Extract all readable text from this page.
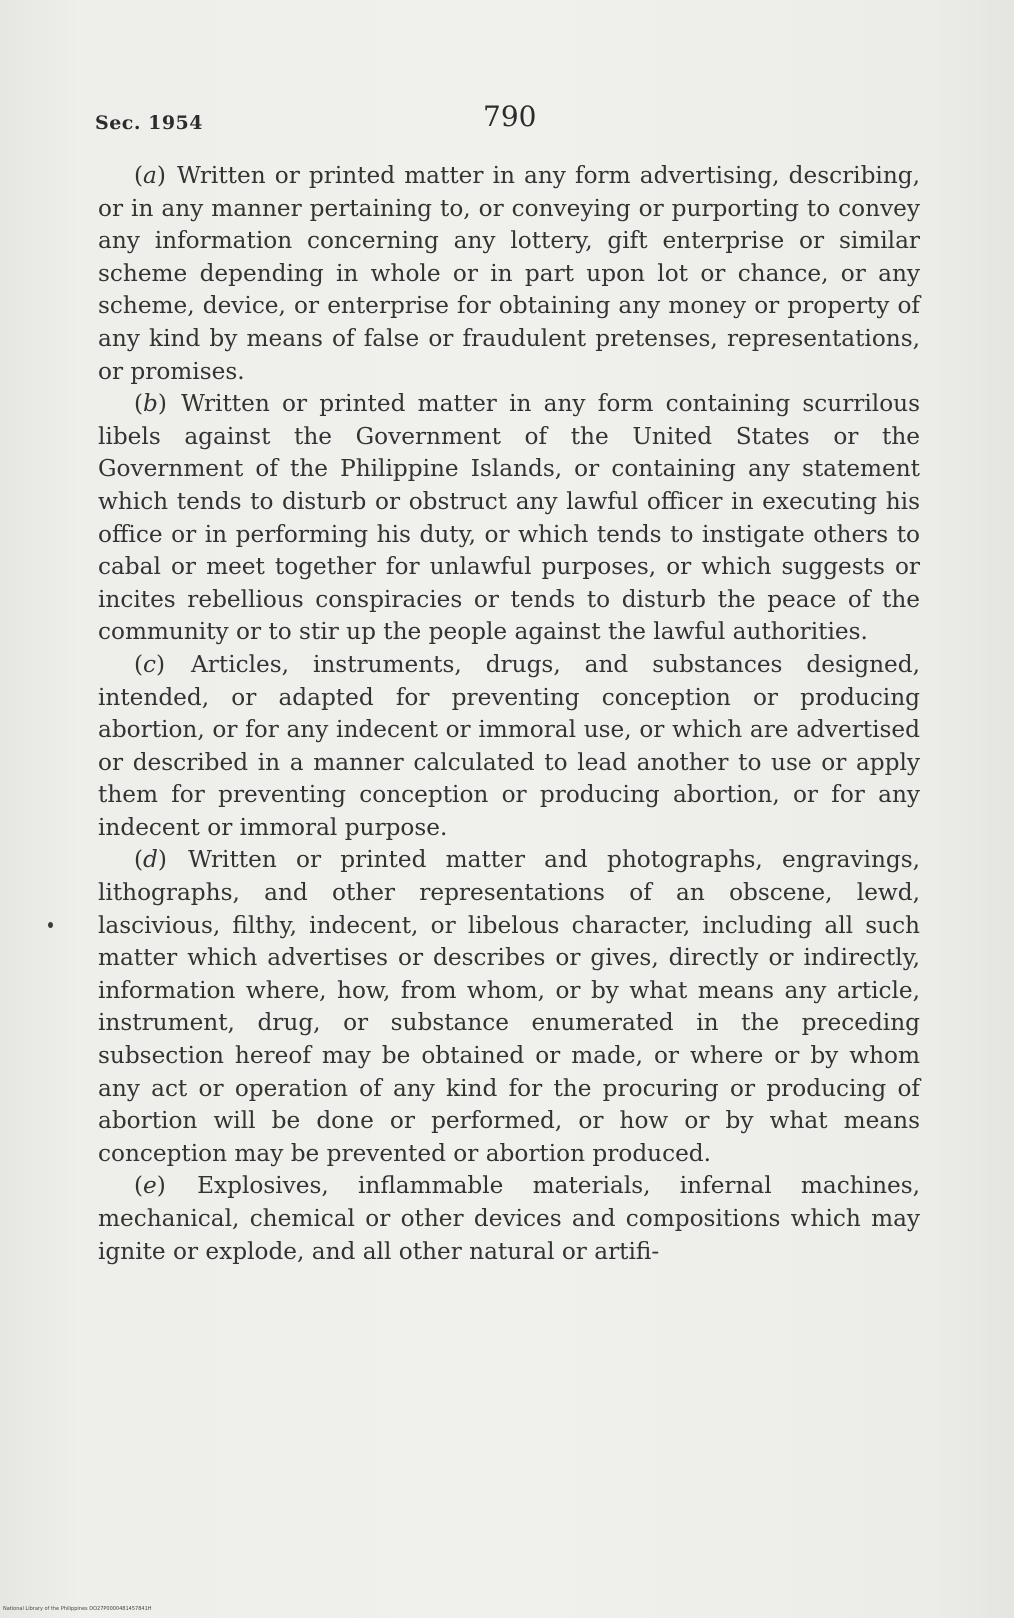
Sec. 1954	790

( a ) Written or printed matter in any form advertising, describing, or in any manner pertaining to, or conveying or purporting to convey any information concerning any lottery, gift enterprise or similar scheme depending in whole or in part upon lot or chance, or any scheme, device, or enterprise for obtaining any money or property of any kind by means of false or fraudulent pretenses, representations, or promises.

( b ) Written or printed matter in any form containing scurrilous libels against the Government of the United States or the Government of the Philippine Islands, or containing any statement which tends to disturb or obstruct any lawful officer in executing his office or in performing his duty, or which tends to instigate others to cabal or meet together for unlawful purposes, or which suggests or incites rebellious conspiracies or tends to disturb the peace of the community or to stir up the people against the lawful authorities.

( c ) Articles, instruments, drugs, and substances designed, intended, or adapted for preventing conception or producing abortion, or for any indecent or immoral use, or which are advertised or described in a manner calculated to lead another to use or apply them for preventing conception or producing abortion, or for any indecent or immoral purpose.

( d ) Written or printed matter and photographs, engravings, lithographs, and other representations of an obscene, lewd, lascivious, filthy, indecent, or libelous character, including all such matter which advertises or describes or gives, directly or indirectly, information where, how, from whom, or by what means any article, instrument, drug, or substance enumerated in the preceding subsection hereof may be obtained or made, or where or by whom any act or operation of any kind for the procuring or producing of abortion will be done or performed, or how or by what means conception may be prevented or abortion produced.

( e ) Explosives, inflammable materials, infernal machines, mechanical, chemical or other devices and compositions which may ignite or explode, and all other natural or artifi-

National Library of the Philippines DO27P0000481457841H
